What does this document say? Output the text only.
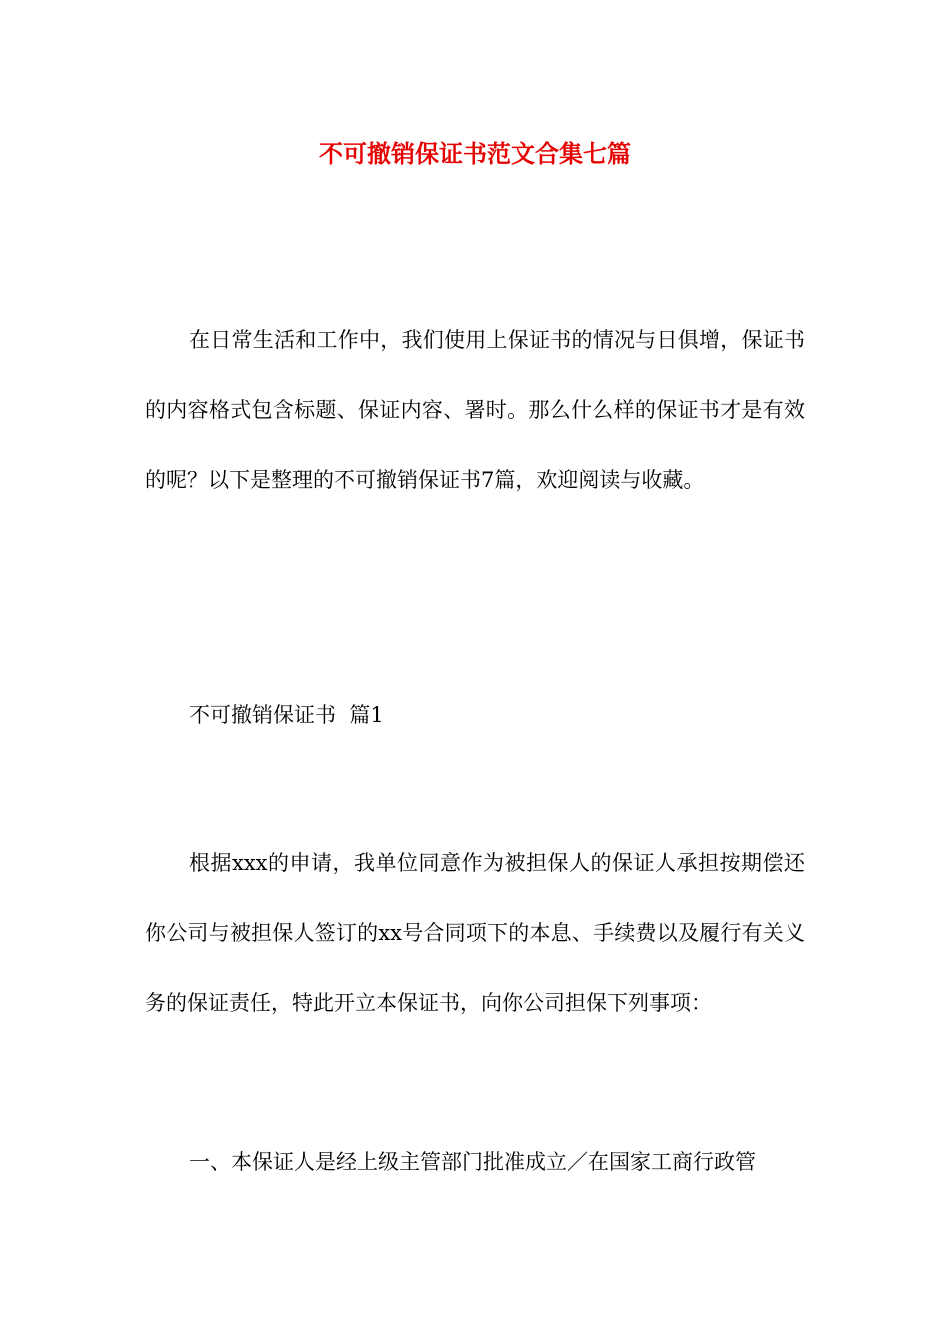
不可撤销保证书范文合集七篇
在日常生活和工作中，我们使用上保证书的情况与日俱增，保证书的内容格式包含标题、保证内容、署时。那么什么样的保证书才是有效的呢？以下是整理的不可撤销保证书7篇，欢迎阅读与收藏。
不可撤销保证书  篇1
根据xxx的申请，我单位同意作为被担保人的保证人承担按期偿还你公司与被担保人签订的xx号合同项下的本息、手续费以及履行有关义务的保证责任，特此开立本保证书，向你公司担保下列事项：
一、本保证人是经上级主管部门批准成立／在国家工商行政管
